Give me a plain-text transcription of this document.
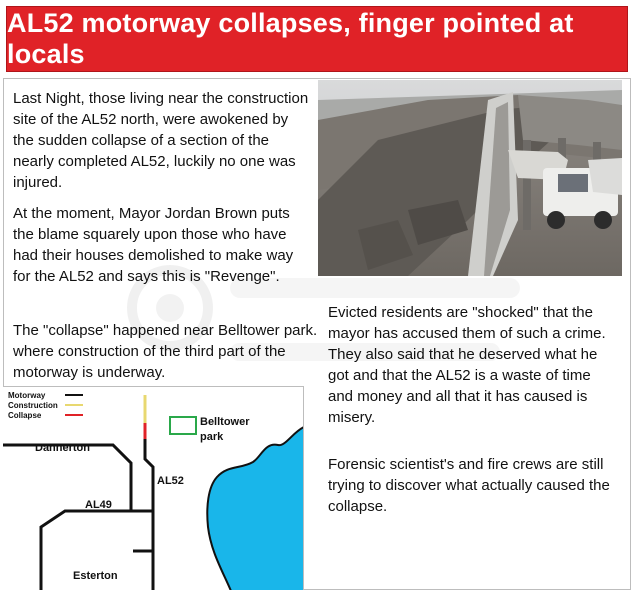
AL52 motorway collapses, finger pointed at locals

Last Night, those living near the construction site of the AL52 north, were awokened by the sudden collapse of a section of the nearly completed AL52, luckily no one was injured.

At the moment, Mayor Jordan Brown puts the blame squarely upon those who have had their houses demolished to make way for the AL52 and says this is "Revenge".

The "collapse" happened near Belltower park. where construction of the third part of the motorway is underway.

Evicted residents are "shocked" that the mayor has accused them of such a crime. They also said that he deserved what he got and that the AL52 is a waste of time and money and all that it has caused is misery.

Forensic scientist's and fire crews are still trying to discover what actually caused the collapse.

Motorway
Construction
Collapse
Dannerton
Belltower
park
AL52
AL49
Esterton
